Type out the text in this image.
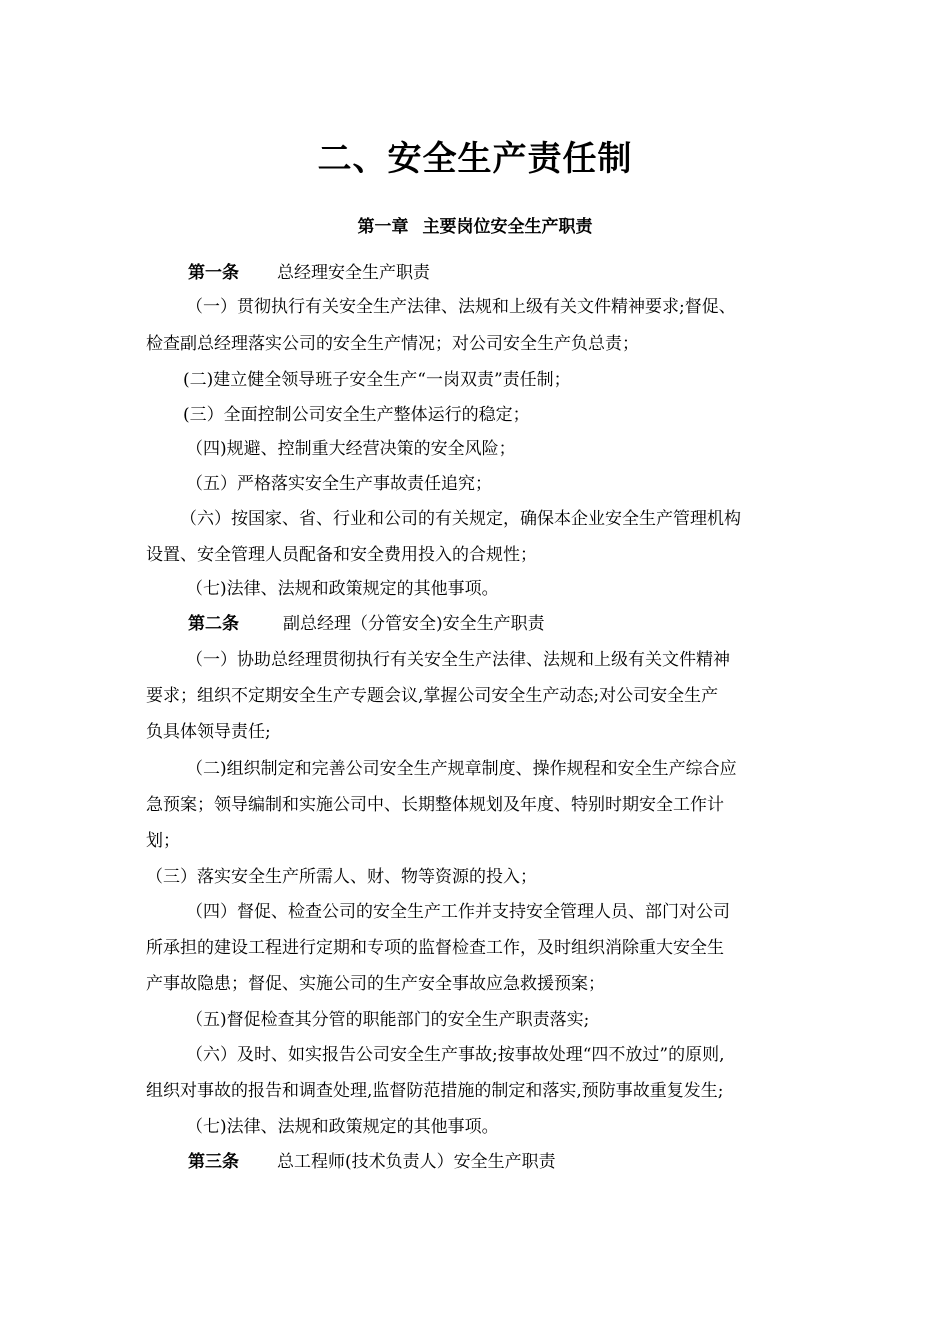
二、安全生产责任制
第一章 主要岗位安全生产职责
第一条 总经理安全生产职责
（一）贯彻执行有关安全生产法律、法规和上级有关文件精神要求;督促、
检查副总经理落实公司的安全生产情况；对公司安全生产负总责；
(二)建立健全领导班子安全生产“一岗双责”责任制；
(三）全面控制公司安全生产整体运行的稳定；
（四)规避、控制重大经营决策的安全风险；
（五）严格落实安全生产事故责任追究；
（六）按国家、省、行业和公司的有关规定，确保本企业安全生产管理机构
设置、安全管理人员配备和安全费用投入的合规性；
（七)法律、法规和政策规定的其他事项。
第二条	副总经理（分管安全)安全生产职责
（一）协助总经理贯彻执行有关安全生产法律、法规和上级有关文件精神
要求；组织不定期安全生产专题会议,掌握公司安全生产动态;对公司安全生产
负具体领导责任;
（二)组织制定和完善公司安全生产规章制度、操作规程和安全生产综合应
急预案；领导编制和实施公司中、长期整体规划及年度、特别时期安全工作计
划；
（三）落实安全生产所需人、财、物等资源的投入；
（四）督促、检查公司的安全生产工作并支持安全管理人员、部门对公司
所承担的建设工程进行定期和专项的监督检查工作，及时组织消除重大安全生
产事故隐患；督促、实施公司的生产安全事故应急救援预案；
（五)督促检查其分管的职能部门的安全生产职责落实;
（六）及时、如实报告公司安全生产事故;按事故处理“四不放过”的原则,
组织对事故的报告和调查处理,监督防范措施的制定和落实,预防事故重复发生;
（七)法律、法规和政策规定的其他事项。
第三条 总工程师(技术负责人）安全生产职责
